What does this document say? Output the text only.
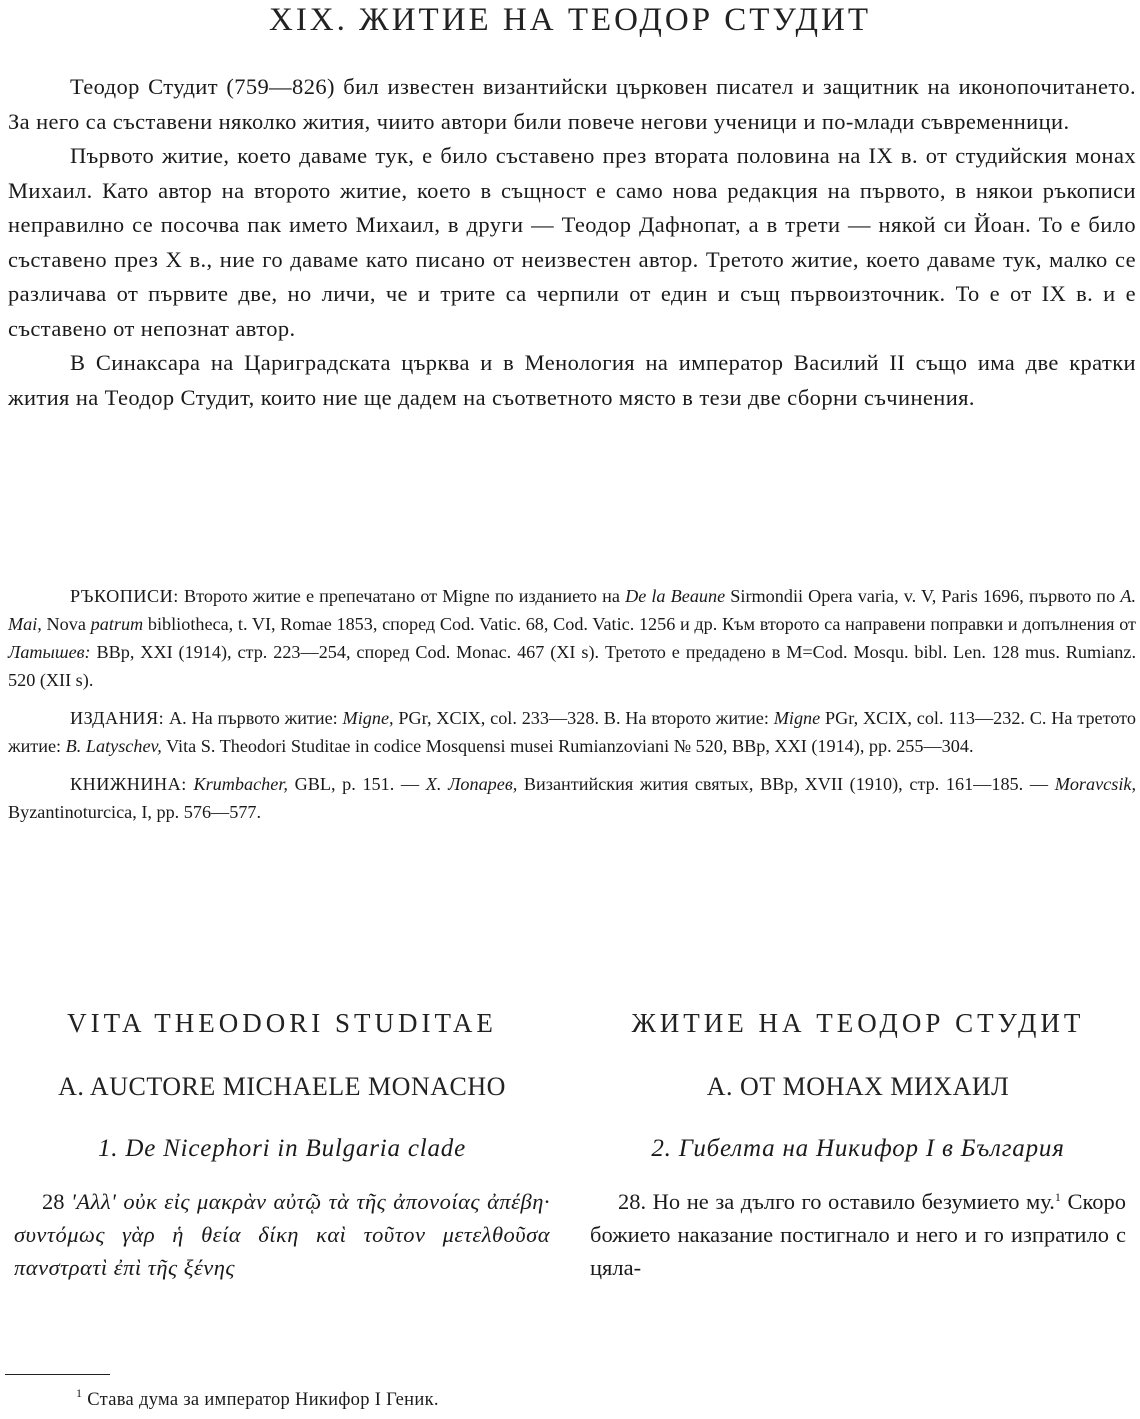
XIX. ЖИТИЕ НА ТЕОДОР СТУДИТ

Теодор Студит (759—826) бил известен византийски църковен писател и защитник на иконопочитането. За него са съставени няколко жития, чиито автори били повече негови ученици и по-млади съвременници.

Първото житие, което даваме тук, е било съставено през втората половина на IX в. от студийския монах Михаил. Като автор на второто житие, което в същност е само нова редакция на първото, в някои ръкописи неправилно се посочва пак името Михаил, в други — Теодор Дафнопат, а в трети — някой си Йоан. То е било съставено през X в., ние го даваме като писано от неизвестен автор. Третото житие, което даваме тук, малко се различава от първите две, но личи, че и трите са черпили от един и същ първоизточник. То е от IX в. и е съставено от непознат автор.

В Синаксара на Цариградската църква и в Менология на император Василий II също има две кратки жития на Теодор Студит, които ние ще дадем на съответното място в тези две сборни съчинения.

РЪКОПИСИ: Второто житие е препечатано от Migne по изданието на De la Beaune Sirmondii Opera varia, v. V, Paris 1696, първото по A. Mai, Nova patrum bibliotheca, t. VI, Romae 1853, според Cod. Vatic. 68, Cod. Vatic. 1256 и др. Към второто са направени поправки и допълнения от Латышев: BBp, XXI (1914), стр. 223—254, според Cod. Monac. 467 (XI s). Третото е предадено в M=Cod. Mosqu. bibl. Len. 128 mus. Rumianz. 520 (XII s).

ИЗДАНИЯ: A. На първото житие: Migne, PGr, XCIX, col. 233—328. B. На второто житие: Migne PGr, XCIX, col. 113—232. C. На третото житие: B. Latyschev, Vita S. Theodori Studitae in codice Mosquensi musei Rumianzoviani № 520, BBp, XXI (1914), pp. 255—304.

КНИЖНИНА: Krumbacher, GBL, p. 151. — X. Лопарев, Византийския жития святых, BBp, XVII (1910), стр. 161—185. — Moravcsik, Byzantinoturcica, I, pp. 576—577.

VITA THEODORI STUDITAE
A. AUCTORE MICHAELE MONACHO
1. De Nicephori in Bulgaria clade

28 'Αλλ' οὐκ εἰς μακρὰν αὐτῷ τὰ τῆς ἀπονοίας ἀπέβη· συντόμως γὰρ ἡ θεία δίκη καὶ τοῦτον μετελθοῦσα πανστρατὶ ἐπὶ τῆς ξένης

ЖИТИЕ НА ТЕОДОР СТУДИТ
A. ОТ МОНАХ МИХАИЛ
2. Гибелта на Никифор I в България

28. Но не за дълго го оставило безумието му.$^1$ Скоро божието наказание постигнало и него и го изпратило с цяла-

$^1$ Става дума за император Никифор I Геник.
